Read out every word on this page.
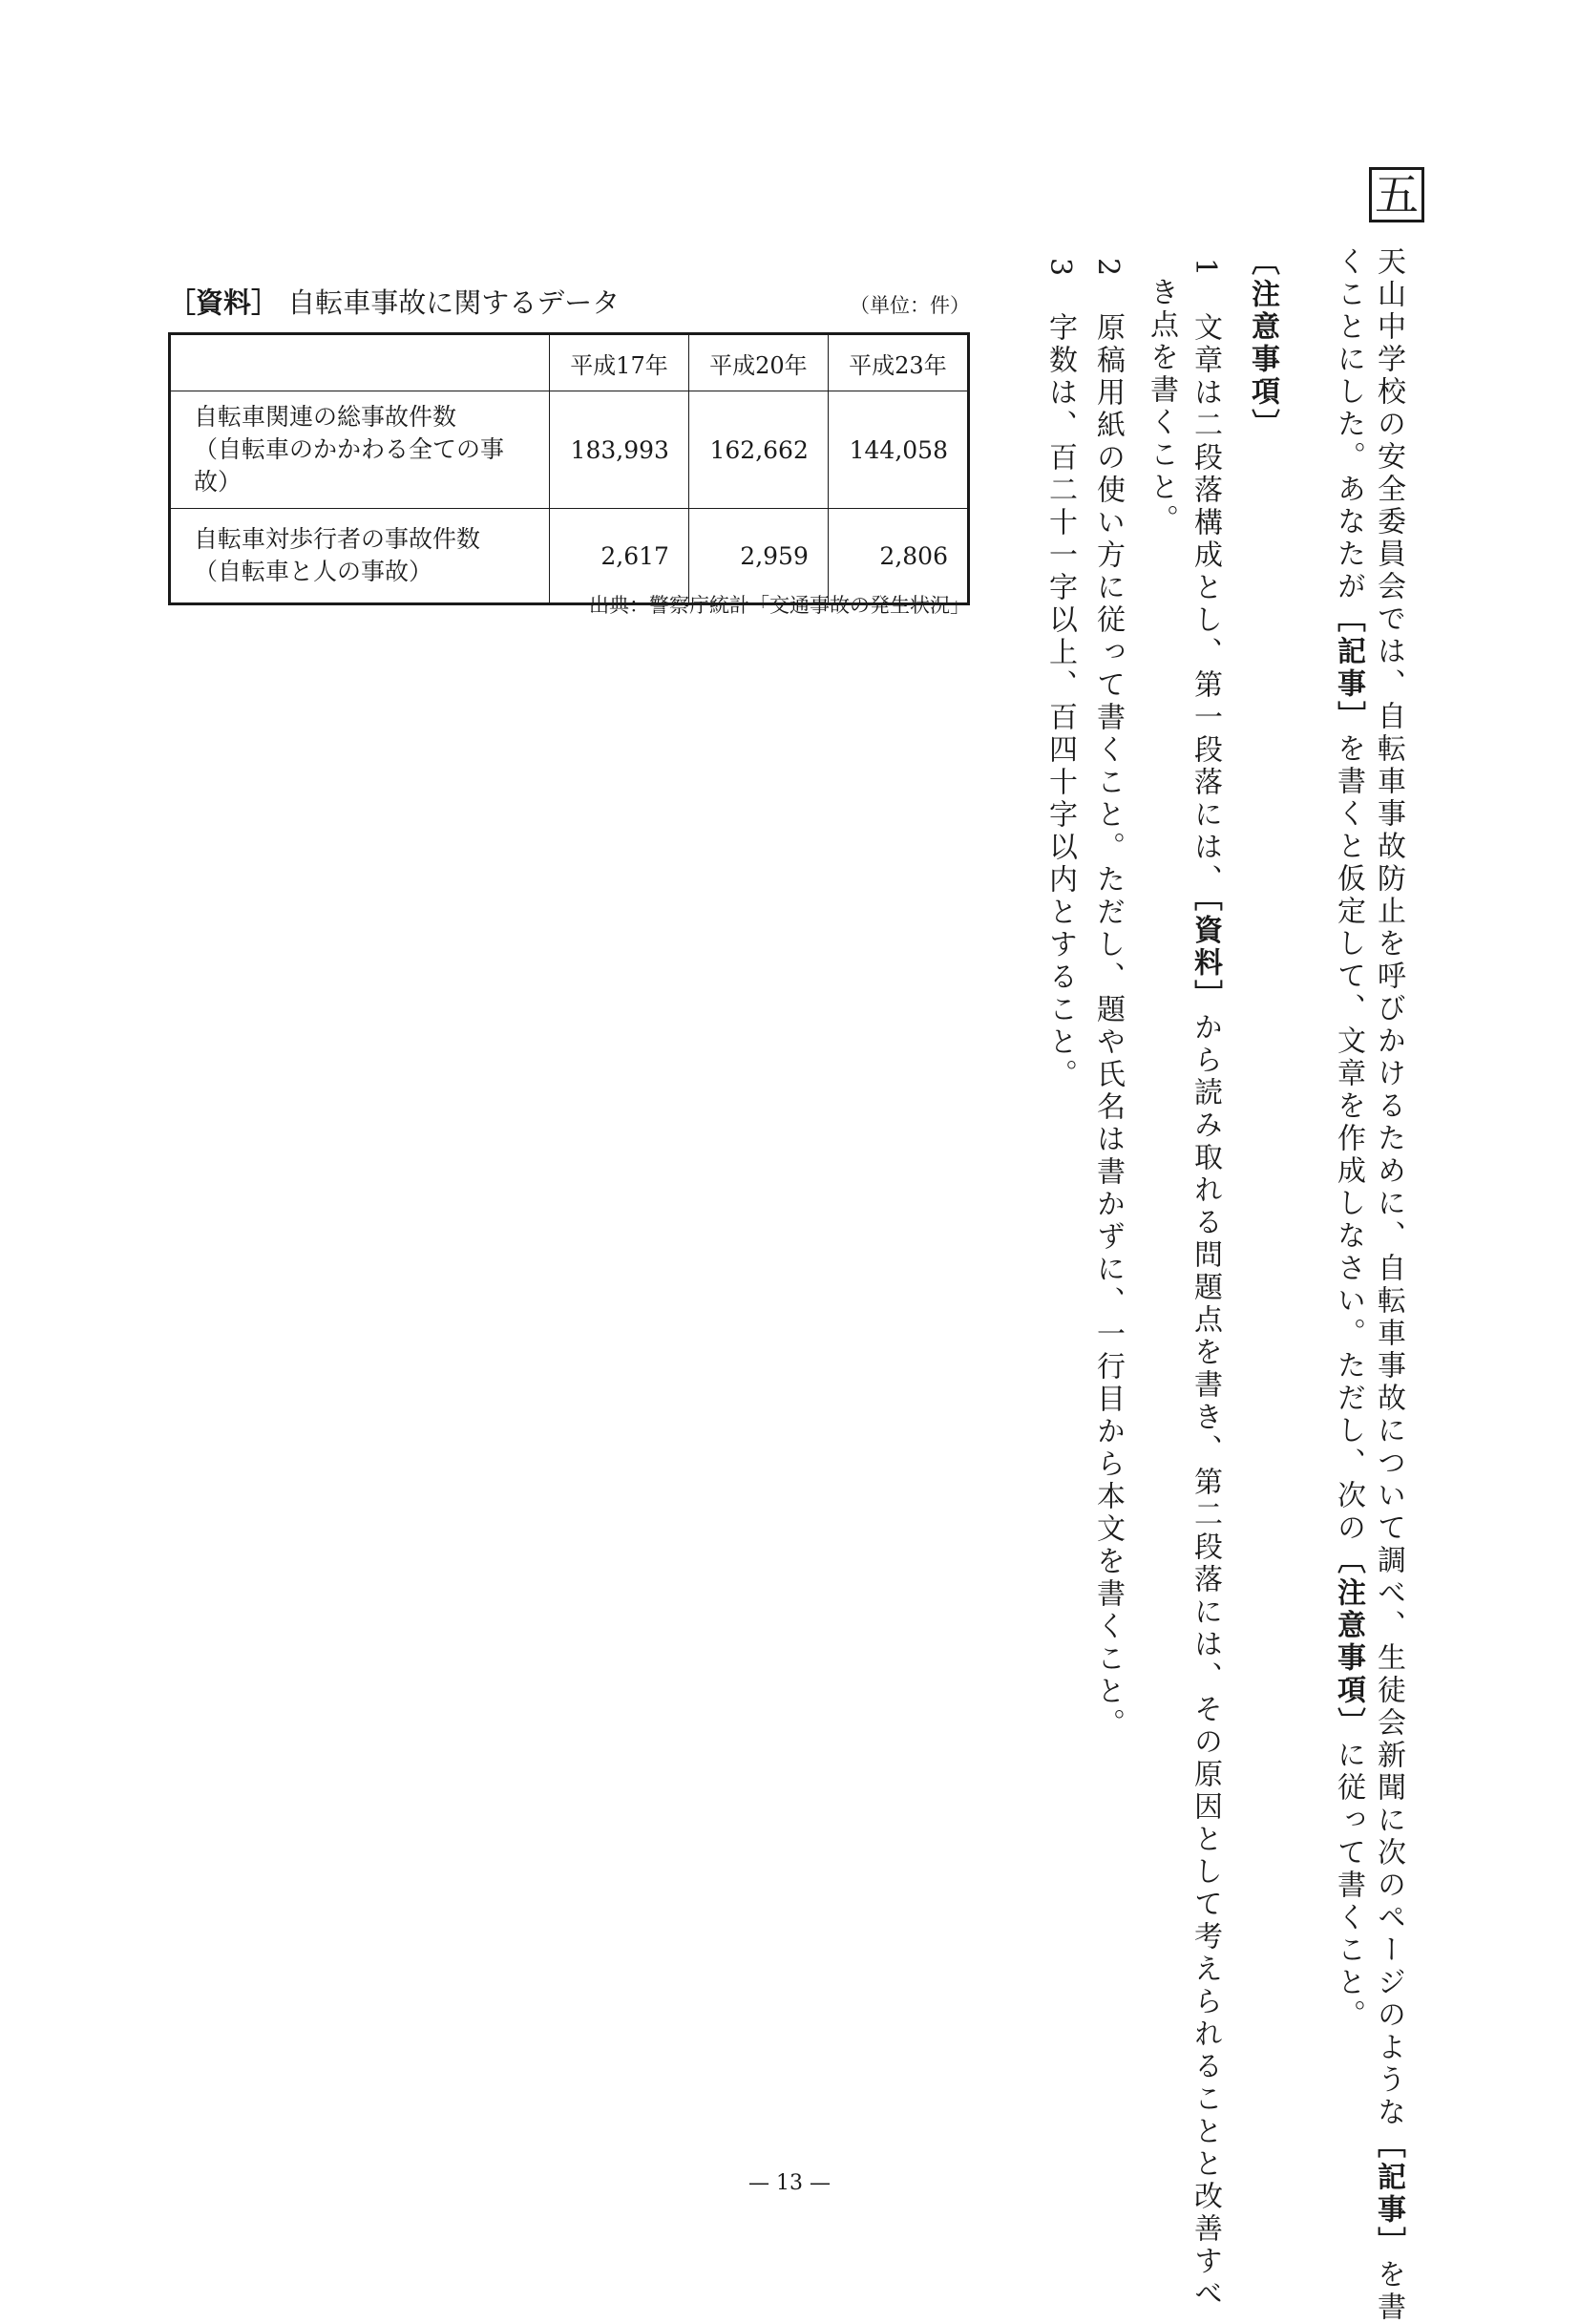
五

天山中学校の安全委員会では、自転車事故防止を呼びかけるために、自転車事故について調べ、生徒会新聞に次のページのような［記事］を書

くことにした。あなたが［記事］を書くと仮定して、文章を作成しなさい。ただし、次の〔注意事項〕に従って書くこと。

〔注意事項〕

1　文章は二段落構成とし、第一段落には、［資料］から読み取れる問題点を書き、第二段落には、その原因として考えられることと改善すべ

き点を書くこと。

2　原稿用紙の使い方に従って書くこと。ただし、題や氏名は書かずに、一行目から本文を書くこと。

3　字数は、百二十一字以上、百四十字以内とすること。

［資料］ 自転車事故に関するデータ	（単位：件）
	平成17年	平成20年	平成23年

自転車関連の総事故件数
（自転車のかかわる全ての事故）	183,993	162,662	144,058

自転車対歩行者の事故件数
（自転車と人の事故）	2,617	2,959	2,806
出典：警察庁統計「交通事故の発生状況」
— 13 —
